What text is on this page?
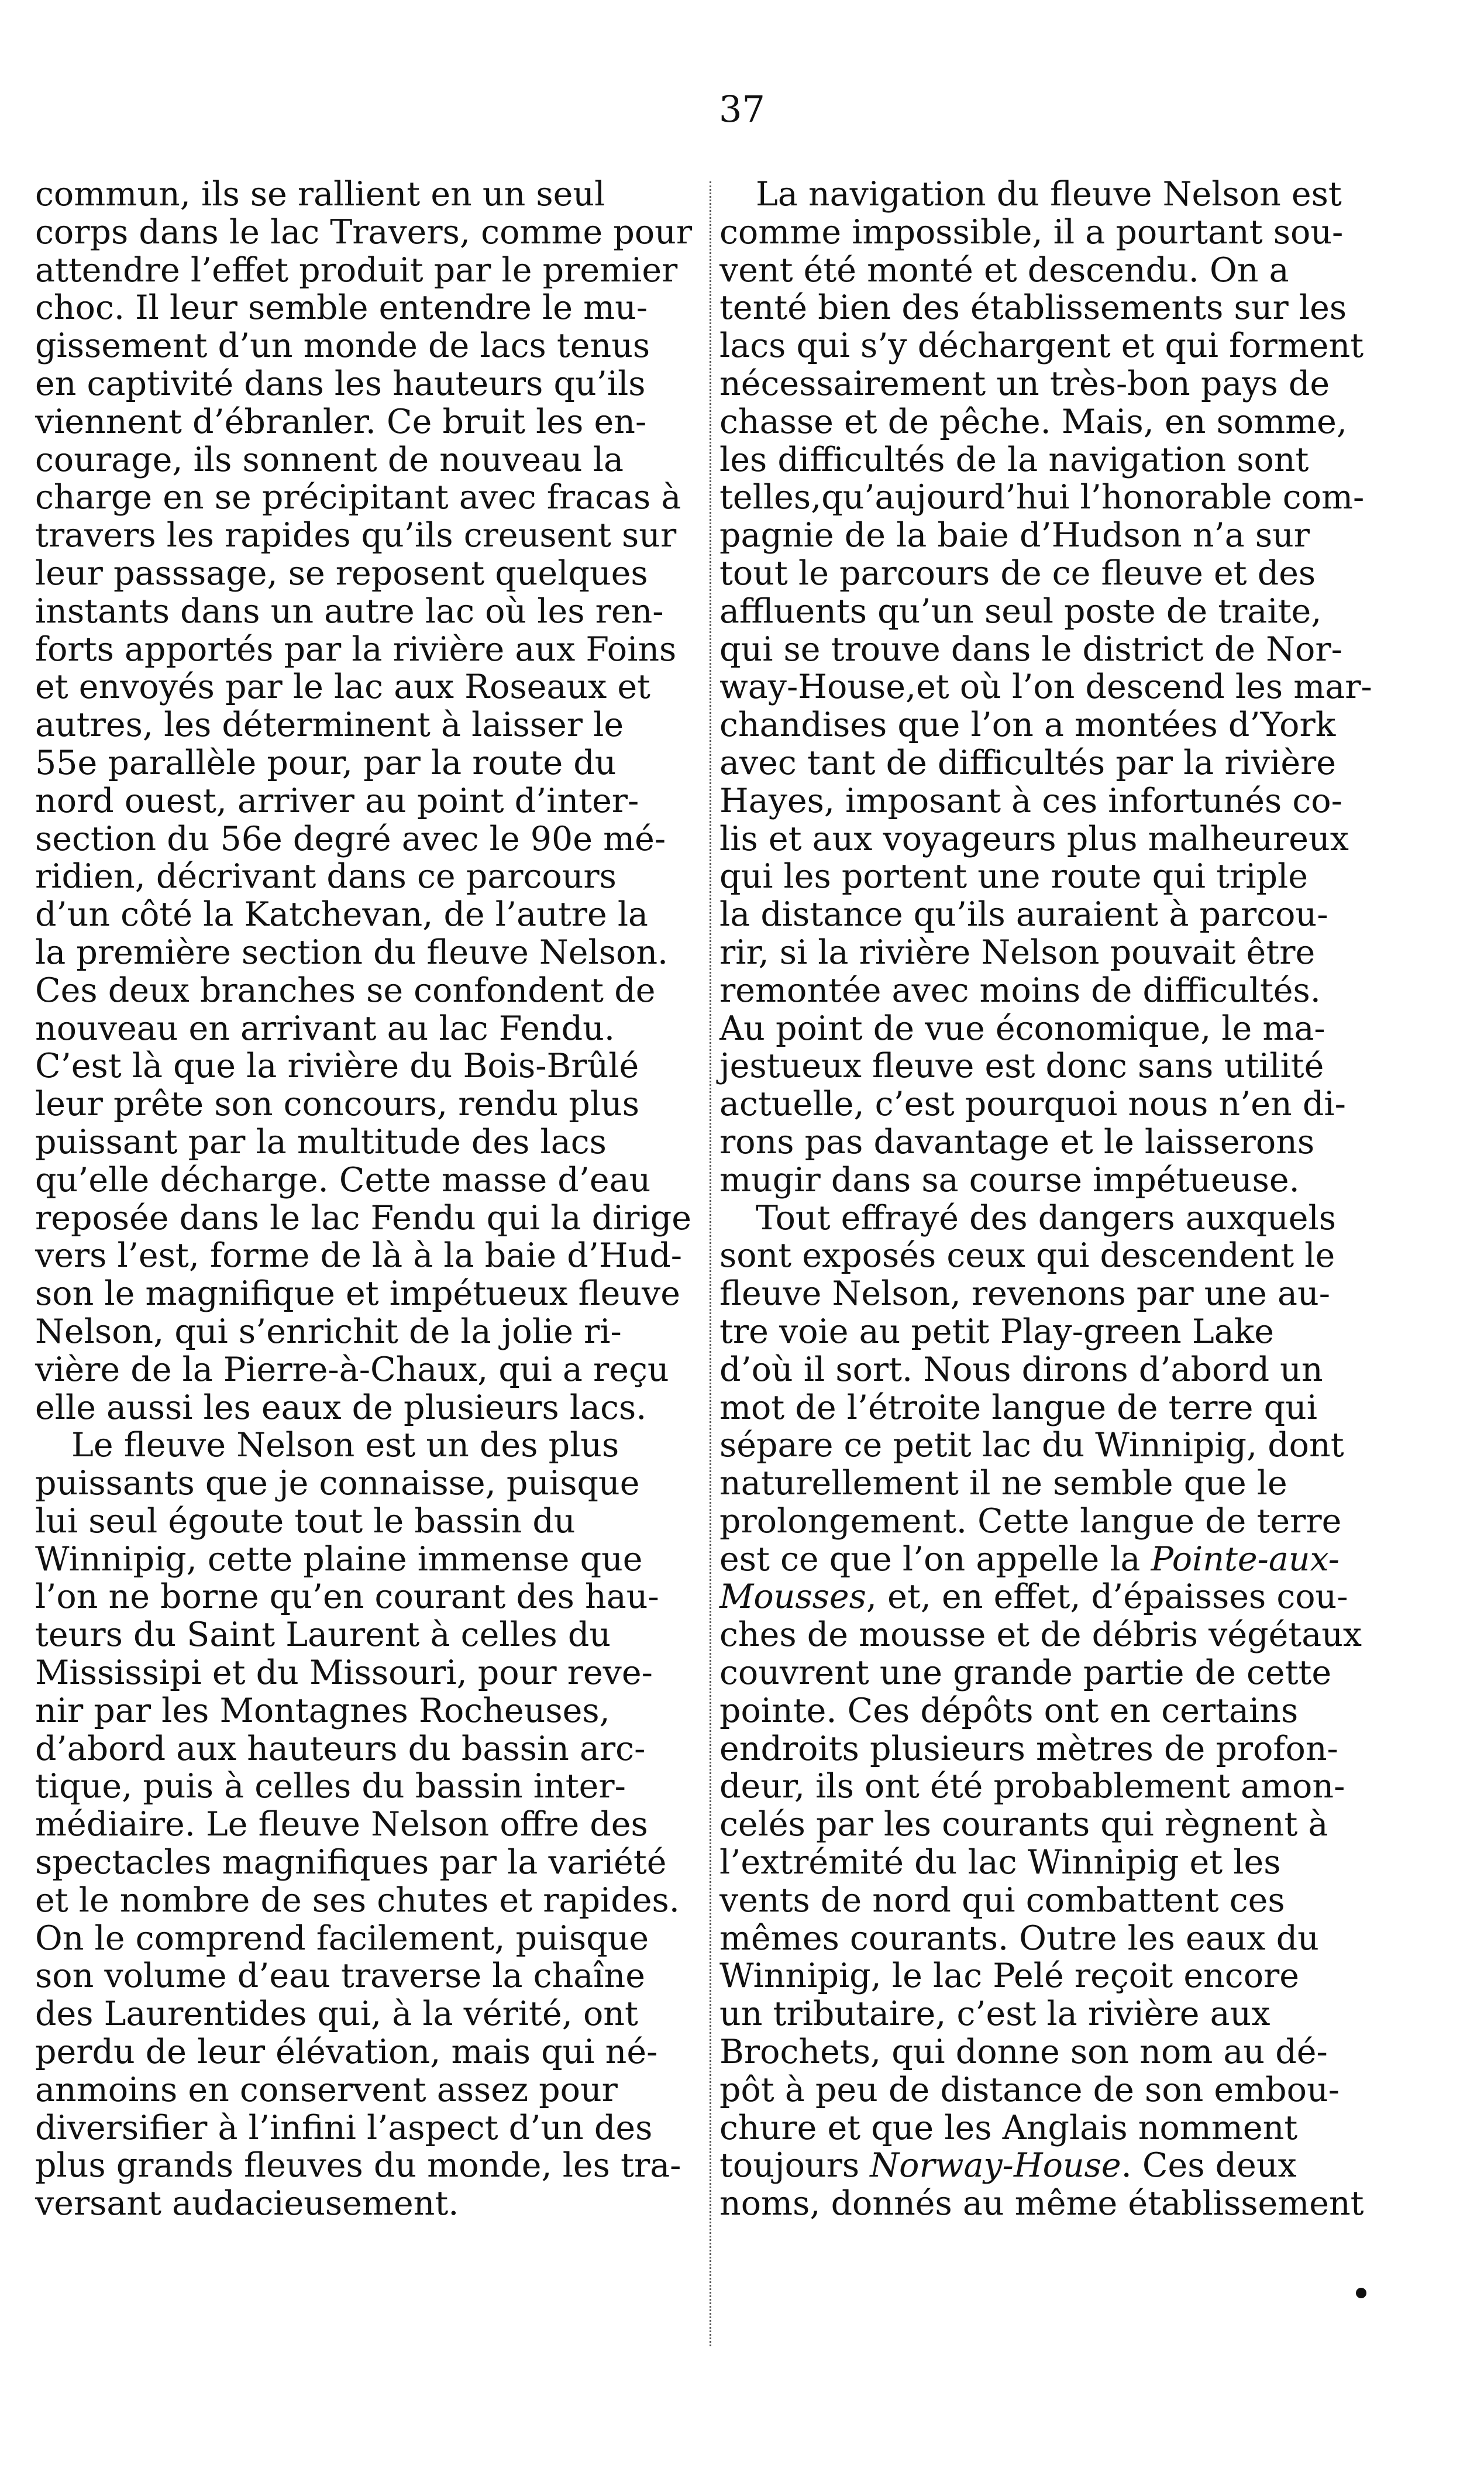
37

commun, ils se rallient en un seul
corps dans le lac Travers, comme pour
attendre l’effet produit par le premier
choc. Il leur semble entendre le mu-
gissement d’un monde de lacs tenus
en captivité dans les hauteurs qu’ils
viennent d’ébranler. Ce bruit les en-
courage, ils sonnent de nouveau la
charge en se précipitant avec fracas à
travers les rapides qu’ils creusent sur
leur passsage, se reposent quelques
instants dans un autre lac où les ren-
forts apportés par la rivière aux Foins
et envoyés par le lac aux Roseaux et
autres, les déterminent à laisser le
55e parallèle pour, par la route du
nord ouest, arriver au point d’inter-
section du 56e degré avec le 90e mé-
ridien, décrivant dans ce parcours
d’un côté la Katchevan, de l’autre la
la première section du fleuve Nelson.
Ces deux branches se confondent de
nouveau en arrivant au lac Fendu.
C’est là que la rivière du Bois-Brûlé
leur prête son concours, rendu plus
puissant par la multitude des lacs
qu’elle décharge. Cette masse d’eau
reposée dans le lac Fendu qui la dirige
vers l’est, forme de là à la baie d’Hud-
son le magnifique et impétueux fleuve
Nelson, qui s’enrichit de la jolie ri-
vière de la Pierre-à-Chaux, qui a reçu
elle aussi les eaux de plusieurs lacs.

Le fleuve Nelson est un des plus
puissants que je connaisse, puisque
lui seul égoute tout le bassin du
Winnipig, cette plaine immense que
l’on ne borne qu’en courant des hau-
teurs du Saint Laurent à celles du
Mississipi et du Missouri, pour reve-
nir par les Montagnes Rocheuses,
d’abord aux hauteurs du bassin arc-
tique, puis à celles du bassin inter-
médiaire. Le fleuve Nelson offre des
spectacles magnifiques par la variété
et le nombre de ses chutes et rapides.
On le comprend facilement, puisque
son volume d’eau traverse la chaîne
des Laurentides qui, à la vérité, ont
perdu de leur élévation, mais qui né-
anmoins en conservent assez pour
diversifier à l’infini l’aspect d’un des
plus grands fleuves du monde, les tra-
versant audacieusement.

La navigation du fleuve Nelson est
comme impossible, il a pourtant sou-
vent été monté et descendu. On a
tenté bien des établissements sur les
lacs qui s’y déchargent et qui forment
nécessairement un très-bon pays de
chasse et de pêche. Mais, en somme,
les difficultés de la navigation sont
telles,qu’aujourd’hui l’honorable com-
pagnie de la baie d’Hudson n’a sur
tout le parcours de ce fleuve et des
affluents qu’un seul poste de traite,
qui se trouve dans le district de Nor-
way-House,et où l’on descend les mar-
chandises que l’on a montées d’York
avec tant de difficultés par la rivière
Hayes, imposant à ces infortunés co-
lis et aux voyageurs plus malheureux
qui les portent une route qui triple
la distance qu’ils auraient à parcou-
rir, si la rivière Nelson pouvait être
remontée avec moins de difficultés.
Au point de vue économique, le ma-
jestueux fleuve est donc sans utilité
actuelle, c’est pourquoi nous n’en di-
rons pas davantage et le laisserons
mugir dans sa course impétueuse.

Tout effrayé des dangers auxquels
sont exposés ceux qui descendent le
fleuve Nelson, revenons par une au-
tre voie au petit Play-green Lake
d’où il sort. Nous dirons d’abord un
mot de l’étroite langue de terre qui
sépare ce petit lac du Winnipig, dont
naturellement il ne semble que le
prolongement. Cette langue de terre
est ce que l’on appelle la Pointe-aux-
Mousses, et, en effet, d’épaisses cou-
ches de mousse et de débris végétaux
couvrent une grande partie de cette
pointe. Ces dépôts ont en certains
endroits plusieurs mètres de profon-
deur, ils ont été probablement amon-
celés par les courants qui règnent à
l’extrémité du lac Winnipig et les
vents de nord qui combattent ces
mêmes courants. Outre les eaux du
Winnipig, le lac Pelé reçoit encore
un tributaire, c’est la rivière aux
Brochets, qui donne son nom au dé-
pôt à peu de distance de son embou-
chure et que les Anglais nomment
toujours Norway-House. Ces deux
noms, donnés au même établissement
